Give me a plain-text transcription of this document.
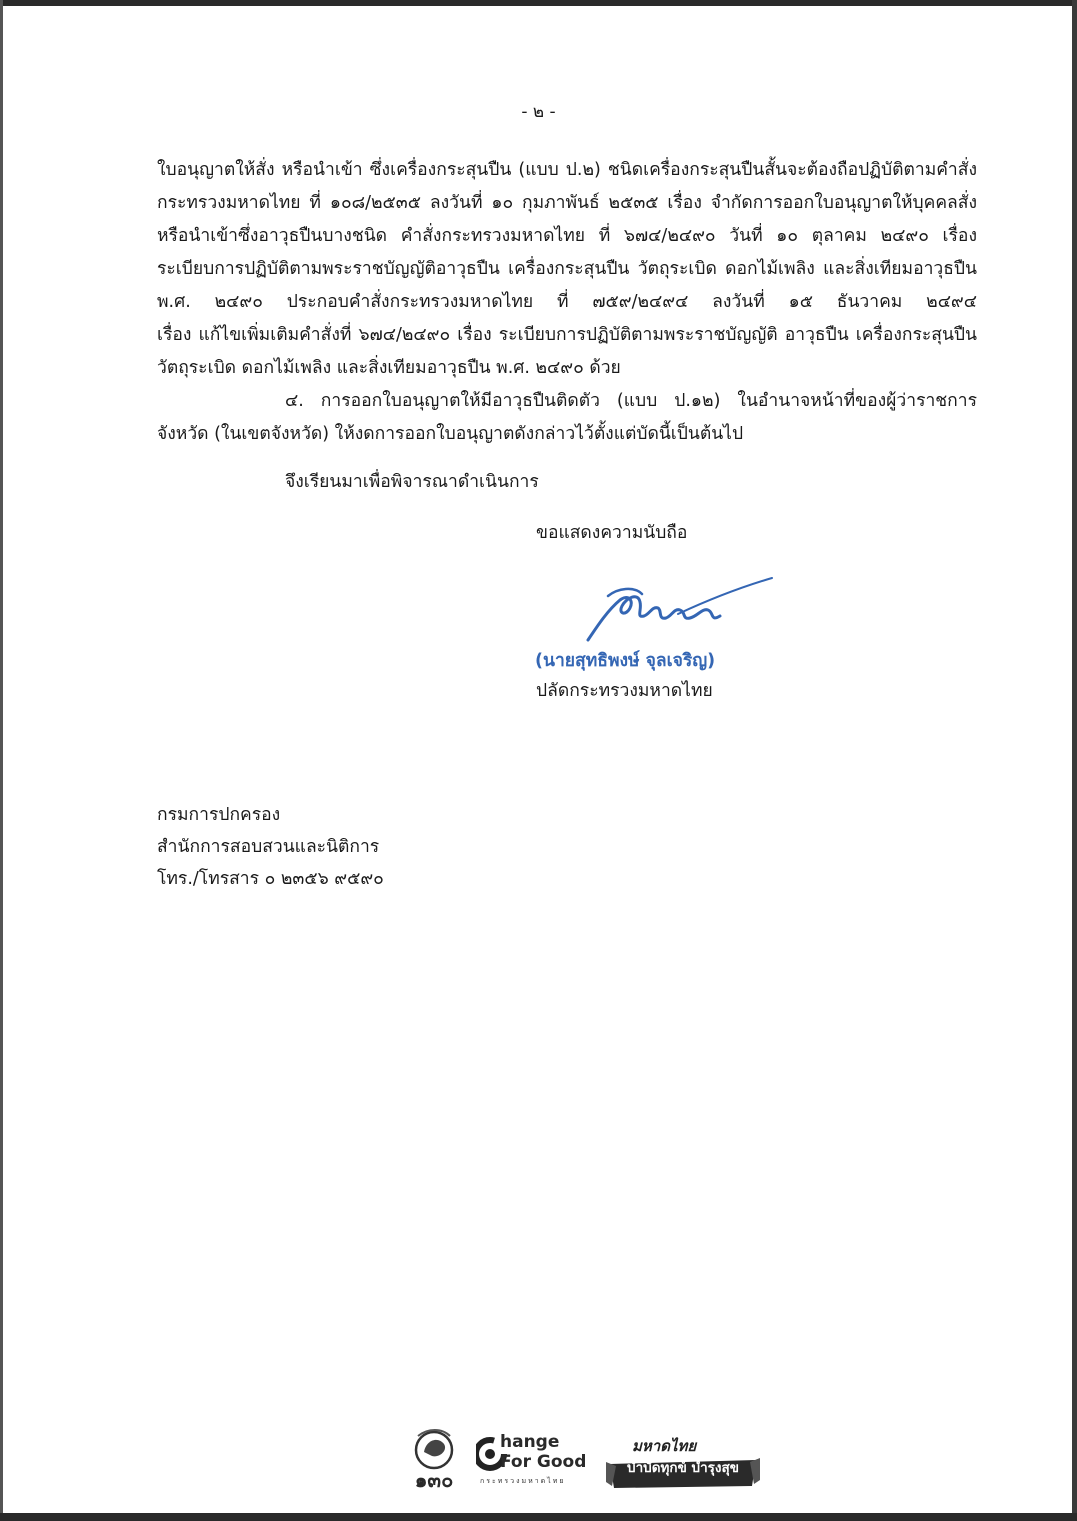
- ๒ -
ใบอนุญาตให้สั่ง หรือนำเข้า ซึ่งเครื่องกระสุนปืน (แบบ ป.๒) ชนิดเครื่องกระสุนปืนสั้นจะต้องถือปฏิบัติตามคำสั่ง
กระทรวงมหาดไทย ที่ ๑๐๘/๒๕๓๕ ลงวันที่ ๑๐ กุมภาพันธ์ ๒๕๓๕ เรื่อง จำกัดการออกใบอนุญาตให้บุคคลสั่ง
หรือนำเข้าซึ่งอาวุธปืนบางชนิด คำสั่งกระทรวงมหาดไทย ที่ ๖๗๔/๒๔๙๐ วันที่ ๑๐ ตุลาคม ๒๔๙๐ เรื่อง
ระเบียบการปฏิบัติตามพระราชบัญญัติอาวุธปืน เครื่องกระสุนปืน วัตถุระเบิด ดอกไม้เพลิง และสิ่งเทียมอาวุธปืน
พ.ศ. ๒๔๙๐ ประกอบคำสั่งกระทรวงมหาดไทย ที่ ๗๕๙/๒๔๙๔ ลงวันที่ ๑๕ ธันวาคม ๒๔๙๔
เรื่อง แก้ไขเพิ่มเติมคำสั่งที่ ๖๗๔/๒๔๙๐ เรื่อง ระเบียบการปฏิบัติตามพระราชบัญญัติ อาวุธปืน เครื่องกระสุนปืน
วัตถุระเบิด ดอกไม้เพลิง และสิ่งเทียมอาวุธปืน พ.ศ. ๒๔๙๐ ด้วย
๔. การออกใบอนุญาตให้มีอาวุธปืนติดตัว (แบบ ป.๑๒) ในอำนาจหน้าที่ของผู้ว่าราชการ
จังหวัด (ในเขตจังหวัด) ให้งดการออกใบอนุญาตดังกล่าวไว้ตั้งแต่บัดนี้เป็นต้นไป
จึงเรียนมาเพื่อพิจารณาดำเนินการ
ขอแสดงความนับถือ
(นายสุทธิพงษ์ จุลเจริญ)
ปลัดกระทรวงมหาดไทย
กรมการปกครอง
สำนักการสอบสวนและนิติการ
โทร./โทรสาร ๐ ๒๓๕๖ ๙๕๙๐
๑๓๐
hange
For Good
กระทรวงมหาดไทย
มหาดไทย
บำบัดทุกข์ บำรุงสุข
